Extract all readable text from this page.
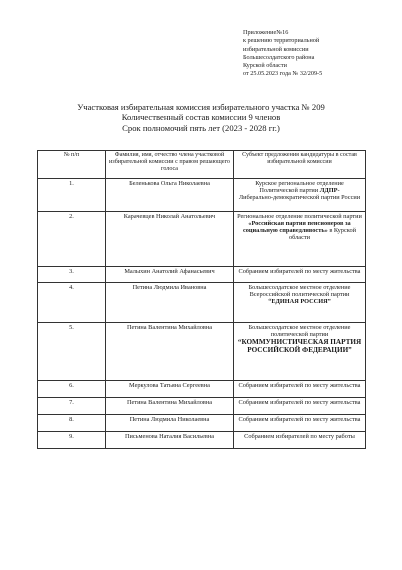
Приложение№16
к решению территориальной
избирательной комиссии
Большесолдатского района
Курской области
от 25.05.2023 года № 32/209-5
Участковая избирательная комиссия избирательного участка № 209
Количественный состав комиссии 9 членов
Срок полномочий пять лет (2023 - 2028 гг.)
№ п/п	Фамилия, имя, отчество члена участковой избирательной комиссии с правом решающего голоса	Субъект предложения кандидатуры в состав избирательной комиссии
1.	Беленькова Ольга Николаевна	Курское региональное отделение Политической партии ЛДПР-
Либерально-демократической партии России

2.	Карачевцев Николай Анатольевич	Региональное отделение политической партии «Российская партия пенсионеров за социальную справедливость» в Курской области
3.	Малыхин Анатолий Афанасьевич	Собранием избирателей по месту жительства
4.	Петина Людмила Ивановна	Большесолдатское местное отделение Всероссийской политической партии
“ЕДИНАЯ РОССИЯ”

5.	Петина Валентина Михайловна	Большесолдатское местное отделение политической партии
“КОММУНИСТИЧЕСКАЯ ПАРТИЯ РОССИЙСКОЙ ФЕДЕРАЦИИ”

6.	Меркулова Татьяна Сергеевна	Собранием избирателей по месту жительства
7.	Петина Валентина Михайловна	Собранием избирателей по месту жительства
8.	Петина Людмила Николаевна	Собранием избирателей по месту жительства
9.	Письменова Наталия Васильевна	Собранием избирателей по месту работы
